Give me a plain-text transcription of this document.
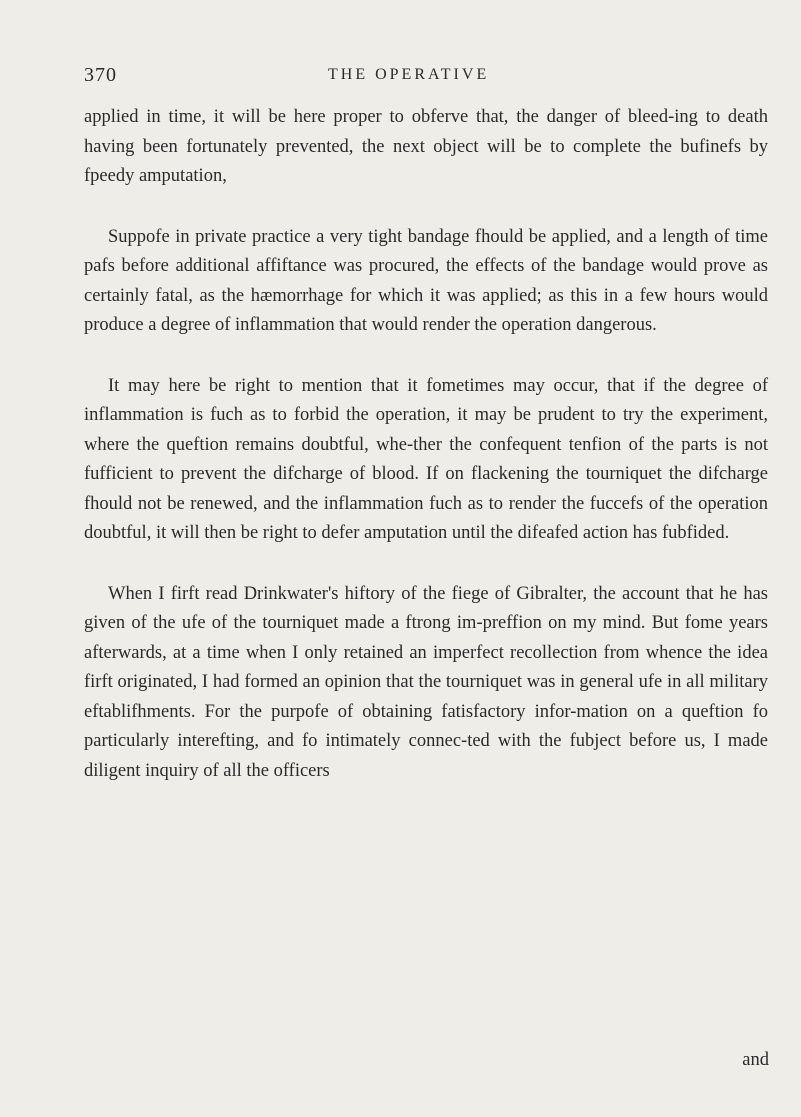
370	THE OPERATIVE

applied in time, it will be here proper to obferve that, the danger of bleed-ing to death having been fortunately prevented, the next object will be to complete the bufinefs by fpeedy amputation,

Suppofe in private practice a very tight bandage fhould be applied, and a length of time pafs before additional affiftance was procured, the effects of the bandage would prove as certainly fatal, as the hæmorrhage for which it was applied; as this in a few hours would produce a degree of inflammation that would render the operation dangerous.

It may here be right to mention that it fometimes may occur, that if the degree of inflammation is fuch as to forbid the operation, it may be prudent to try the experiment, where the queftion remains doubtful, whe-ther the confequent tenfion of the parts is not fufficient to prevent the difcharge of blood. If on flackening the tourniquet the difcharge fhould not be renewed, and the inflammation fuch as to render the fuccefs of the operation doubtful, it will then be right to defer amputation until the difeafed action has fubfided.

When I firft read Drinkwater's hiftory of the fiege of Gibralter, the account that he has given of the ufe of the tourniquet made a ftrong im-preffion on my mind. But fome years afterwards, at a time when I only retained an imperfect recollection from whence the idea firft originated, I had formed an opinion that the tourniquet was in general ufe in all military eftablifhments. For the purpofe of obtaining fatisfactory infor-mation on a queftion fo particularly interefting, and fo intimately connec-ted with the fubject before us, I made diligent inquiry of all the officers

and
